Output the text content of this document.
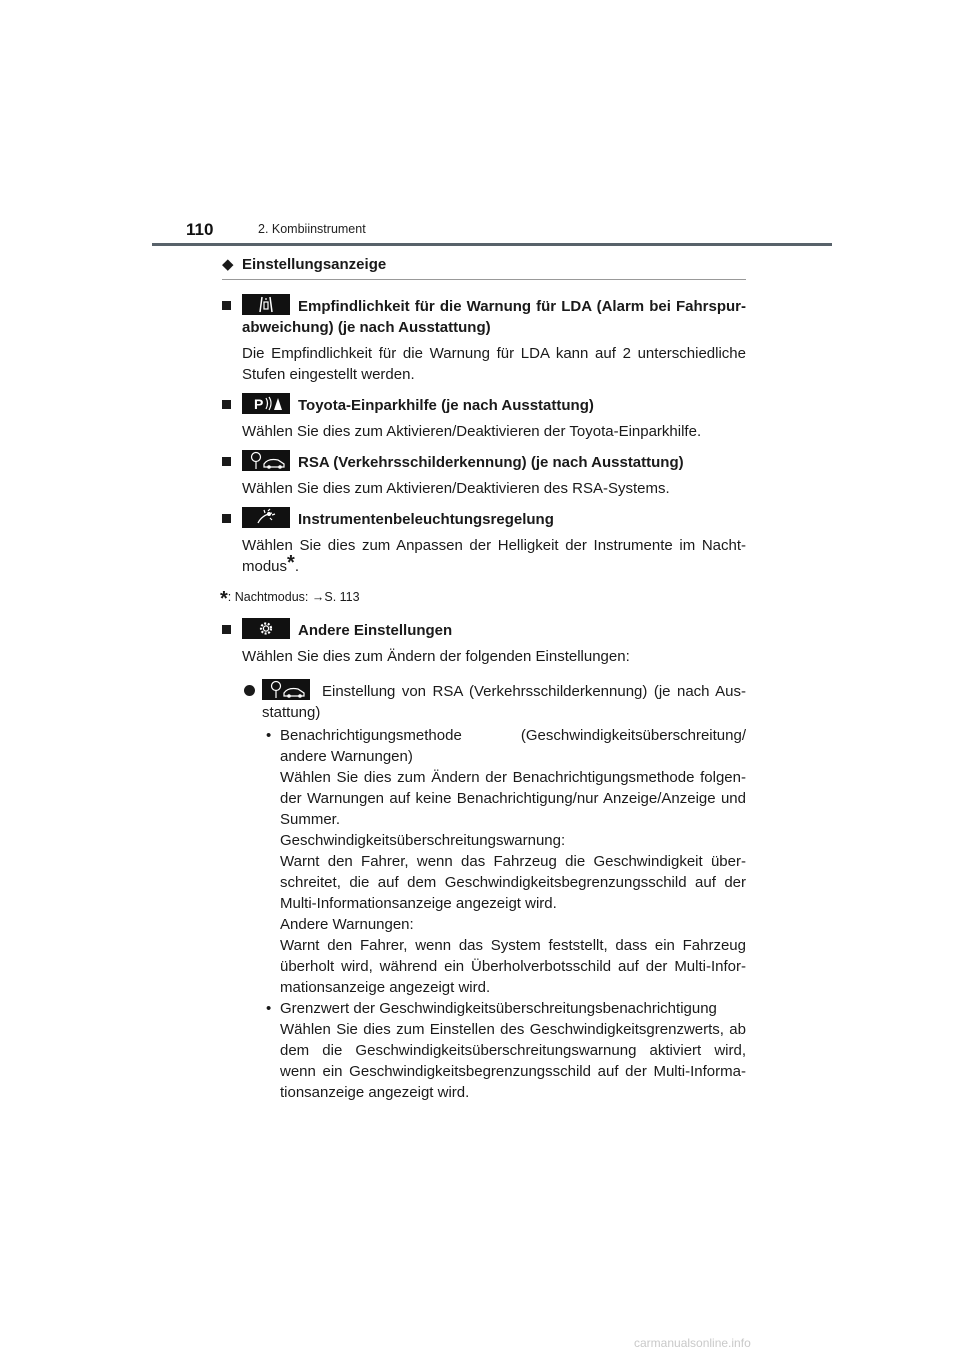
110	2. Kombiinstrument
◆ Einstellungsanzeige
Empfindlichkeit für die Warnung für LDA (Alarm bei Fahrspurabweichung) (je nach Ausstattung)
Die Empfindlichkeit für die Warnung für LDA kann auf 2 unterschiedliche Stufen eingestellt werden.
P Toyota-Einparkhilfe (je nach Ausstattung)
Wählen Sie dies zum Aktivieren/Deaktivieren der Toyota-Einparkhilfe.
RSA (Verkehrsschilderkennung) (je nach Ausstattung)
Wählen Sie dies zum Aktivieren/Deaktivieren des RSA-Systems.
Instrumentenbeleuchtungsregelung
Wählen Sie dies zum Anpassen der Helligkeit der Instrumente im Nachtmodus*.
*: Nachtmodus: →S. 113
Andere Einstellungen
Wählen Sie dies zum Ändern der folgenden Einstellungen:
Einstellung von RSA (Verkehrsschilderkennung) (je nach Ausstattung)
• Benachrichtigungsmethode	(Geschwindigkeitsüberschreitung/

andere Warnungen)

Wählen Sie dies zum Ändern der Benachrichtigungsmethode folgender Warnungen auf keine Benachrichtigung/nur Anzeige/Anzeige und Summer.

Geschwindigkeitsüberschreitungswarnung:

Warnt den Fahrer, wenn das Fahrzeug die Geschwindigkeit überschreitet, die auf dem Geschwindigkeitsbegrenzungsschild auf der Multi-Informationsanzeige angezeigt wird.

Andere Warnungen:

Warnt den Fahrer, wenn das System feststellt, dass ein Fahrzeug überholt wird, während ein Überholverbotsschild auf der Multi-Informationsanzeige angezeigt wird.

• Grenzwert der Geschwindigkeitsüberschreitungsbenachrichtigung

Wählen Sie dies zum Einstellen des Geschwindigkeitsgrenzwerts, ab dem die Geschwindigkeitsüberschreitungswarnung aktiviert wird, wenn ein Geschwindigkeitsbegrenzungsschild auf der Multi-Informationsanzeige angezeigt wird.

carmanualsonline.info
